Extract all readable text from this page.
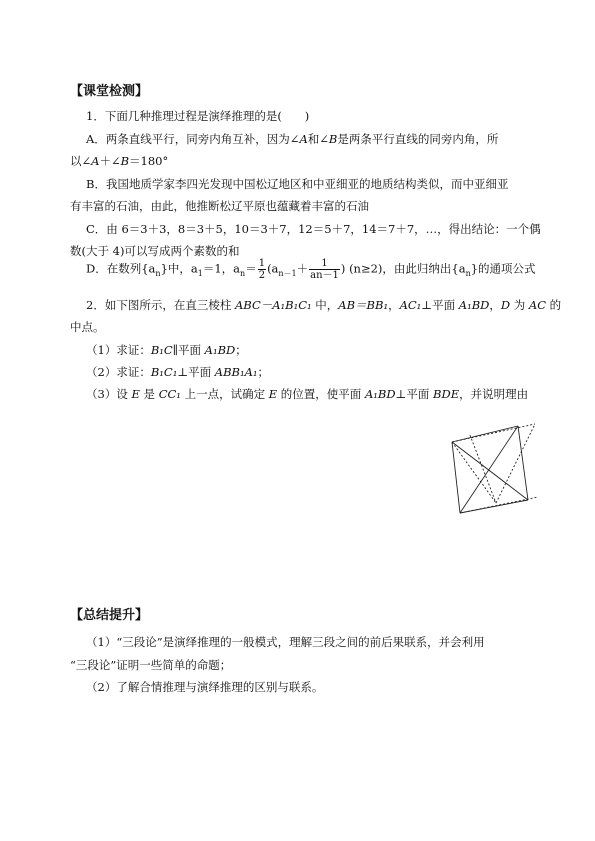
【课堂检测】
1．下面几种推理过程是演绎推理的是(　　)
A．两条直线平行，同旁内角互补，因为∠A和∠B是两条平行直线的同旁内角，所
以∠A＋∠B＝180°
B．我国地质学家李四光发现中国松辽地区和中亚细亚的地质结构类似，而中亚细亚
有丰富的石油，由此，他推断松辽平原也蕴藏着丰富的石油
C．由 6＝3＋3，8＝3＋5，10＝3＋7，12＝5＋7，14＝7＋7，…，得出结论：一个偶
数(大于 4)可以写成两个素数的和
D．在数列$\{a_n\}$中，$a_1=1$，$a_n= \frac{1}{2} (a_{n-1}+ \frac{1}{an-1}$ ) (n≥2)，由此归纳出$\{a_n\}$的通项公式
2．如下图所示，在直三棱柱 ABC－A₁B₁C₁ 中，AB＝BB₁，AC₁⊥平面 A₁BD，D 为 AC 的
中点。
（1）求证：B₁C∥平面 A₁BD；
（2）求证：B₁C₁⊥平面 ABB₁A₁；
（3）设 E 是 CC₁ 上一点，试确定 E 的位置，使平面 A₁BD⊥平面 BDE，并说明理由
【总结提升】
（1）“三段论”是演绎推理的一般模式，理解三段之间的前后果联系，并会利用
“三段论”证明一些简单的命题；
（2）了解合情推理与演绎推理的区别与联系。
